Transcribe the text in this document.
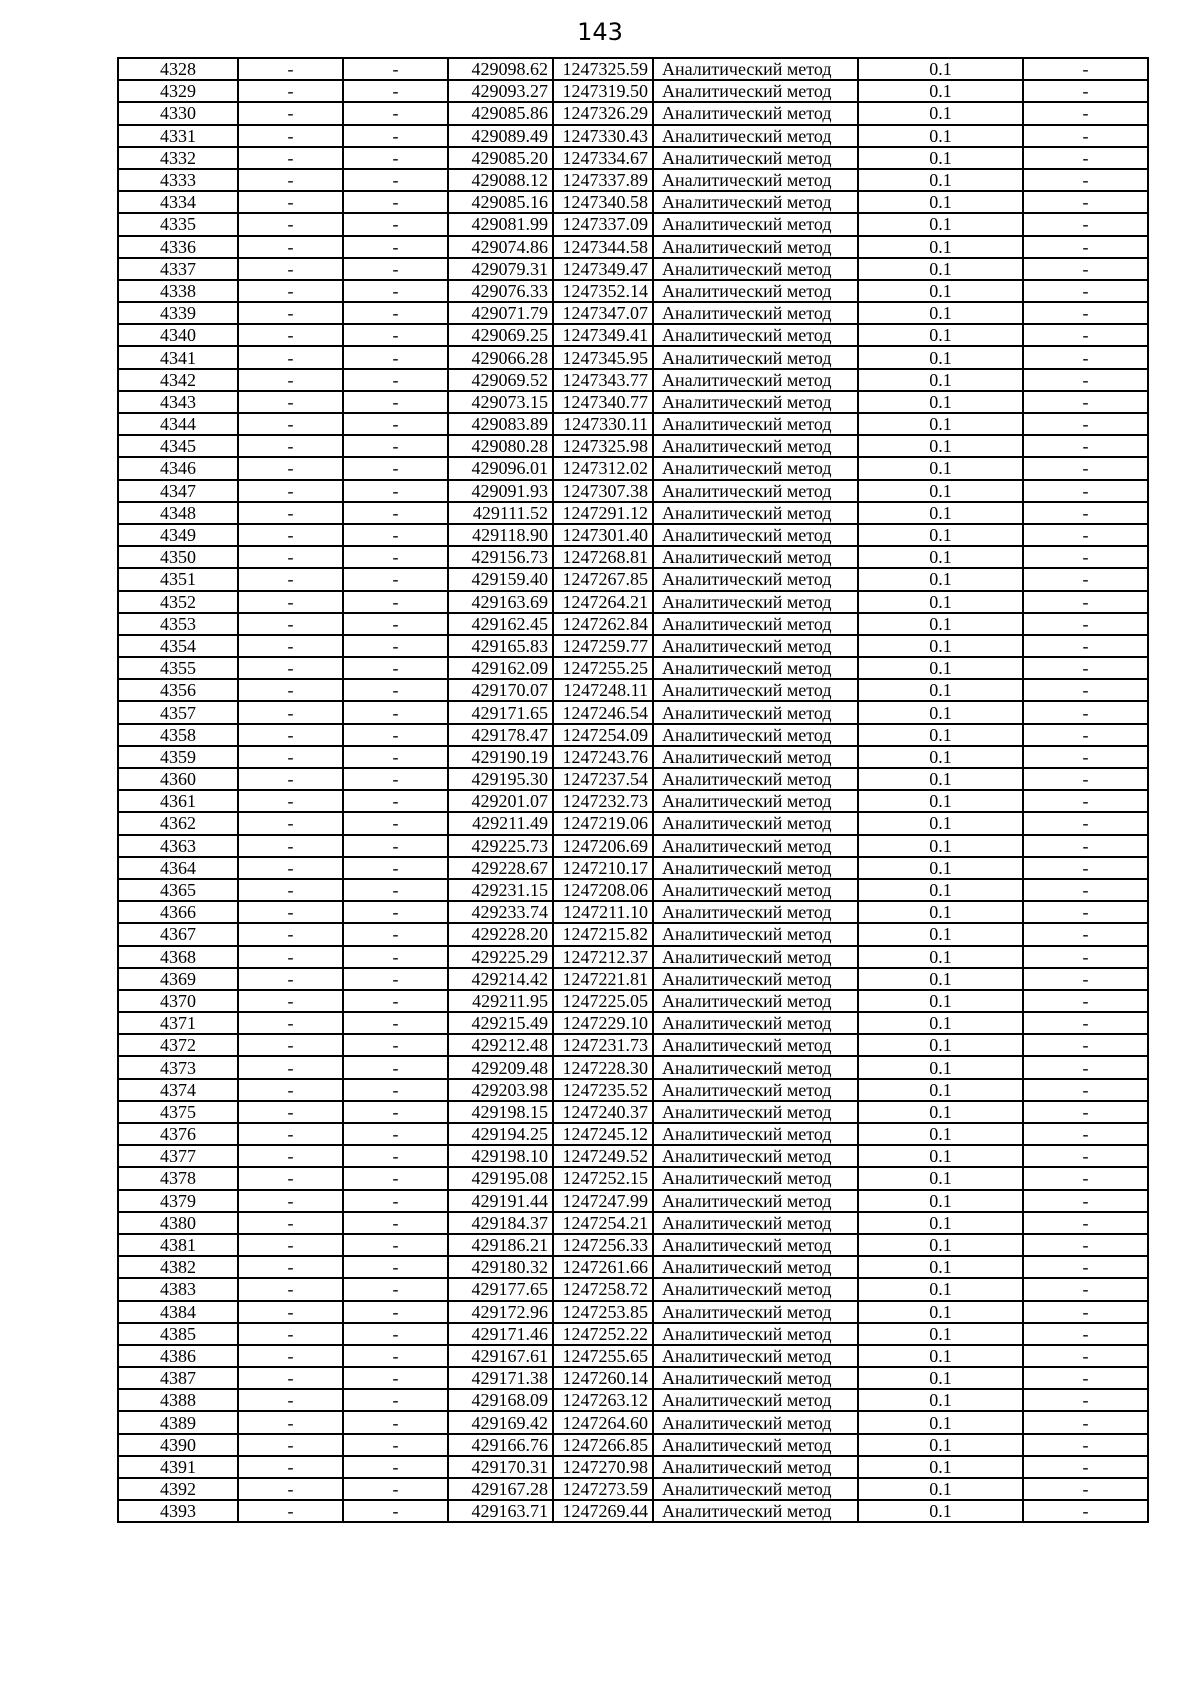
143
4328	-	-	429098.62	1247325.59	Аналитический метод	0.1	-
4329	-	-	429093.27	1247319.50	Аналитический метод	0.1	-
4330	-	-	429085.86	1247326.29	Аналитический метод	0.1	-
4331	-	-	429089.49	1247330.43	Аналитический метод	0.1	-
4332	-	-	429085.20	1247334.67	Аналитический метод	0.1	-
4333	-	-	429088.12	1247337.89	Аналитический метод	0.1	-
4334	-	-	429085.16	1247340.58	Аналитический метод	0.1	-
4335	-	-	429081.99	1247337.09	Аналитический метод	0.1	-
4336	-	-	429074.86	1247344.58	Аналитический метод	0.1	-
4337	-	-	429079.31	1247349.47	Аналитический метод	0.1	-
4338	-	-	429076.33	1247352.14	Аналитический метод	0.1	-
4339	-	-	429071.79	1247347.07	Аналитический метод	0.1	-
4340	-	-	429069.25	1247349.41	Аналитический метод	0.1	-
4341	-	-	429066.28	1247345.95	Аналитический метод	0.1	-
4342	-	-	429069.52	1247343.77	Аналитический метод	0.1	-
4343	-	-	429073.15	1247340.77	Аналитический метод	0.1	-
4344	-	-	429083.89	1247330.11	Аналитический метод	0.1	-
4345	-	-	429080.28	1247325.98	Аналитический метод	0.1	-
4346	-	-	429096.01	1247312.02	Аналитический метод	0.1	-
4347	-	-	429091.93	1247307.38	Аналитический метод	0.1	-
4348	-	-	429111.52	1247291.12	Аналитический метод	0.1	-
4349	-	-	429118.90	1247301.40	Аналитический метод	0.1	-
4350	-	-	429156.73	1247268.81	Аналитический метод	0.1	-
4351	-	-	429159.40	1247267.85	Аналитический метод	0.1	-
4352	-	-	429163.69	1247264.21	Аналитический метод	0.1	-
4353	-	-	429162.45	1247262.84	Аналитический метод	0.1	-
4354	-	-	429165.83	1247259.77	Аналитический метод	0.1	-
4355	-	-	429162.09	1247255.25	Аналитический метод	0.1	-
4356	-	-	429170.07	1247248.11	Аналитический метод	0.1	-
4357	-	-	429171.65	1247246.54	Аналитический метод	0.1	-
4358	-	-	429178.47	1247254.09	Аналитический метод	0.1	-
4359	-	-	429190.19	1247243.76	Аналитический метод	0.1	-
4360	-	-	429195.30	1247237.54	Аналитический метод	0.1	-
4361	-	-	429201.07	1247232.73	Аналитический метод	0.1	-
4362	-	-	429211.49	1247219.06	Аналитический метод	0.1	-
4363	-	-	429225.73	1247206.69	Аналитический метод	0.1	-
4364	-	-	429228.67	1247210.17	Аналитический метод	0.1	-
4365	-	-	429231.15	1247208.06	Аналитический метод	0.1	-
4366	-	-	429233.74	1247211.10	Аналитический метод	0.1	-
4367	-	-	429228.20	1247215.82	Аналитический метод	0.1	-
4368	-	-	429225.29	1247212.37	Аналитический метод	0.1	-
4369	-	-	429214.42	1247221.81	Аналитический метод	0.1	-
4370	-	-	429211.95	1247225.05	Аналитический метод	0.1	-
4371	-	-	429215.49	1247229.10	Аналитический метод	0.1	-
4372	-	-	429212.48	1247231.73	Аналитический метод	0.1	-
4373	-	-	429209.48	1247228.30	Аналитический метод	0.1	-
4374	-	-	429203.98	1247235.52	Аналитический метод	0.1	-
4375	-	-	429198.15	1247240.37	Аналитический метод	0.1	-
4376	-	-	429194.25	1247245.12	Аналитический метод	0.1	-
4377	-	-	429198.10	1247249.52	Аналитический метод	0.1	-
4378	-	-	429195.08	1247252.15	Аналитический метод	0.1	-
4379	-	-	429191.44	1247247.99	Аналитический метод	0.1	-
4380	-	-	429184.37	1247254.21	Аналитический метод	0.1	-
4381	-	-	429186.21	1247256.33	Аналитический метод	0.1	-
4382	-	-	429180.32	1247261.66	Аналитический метод	0.1	-
4383	-	-	429177.65	1247258.72	Аналитический метод	0.1	-
4384	-	-	429172.96	1247253.85	Аналитический метод	0.1	-
4385	-	-	429171.46	1247252.22	Аналитический метод	0.1	-
4386	-	-	429167.61	1247255.65	Аналитический метод	0.1	-
4387	-	-	429171.38	1247260.14	Аналитический метод	0.1	-
4388	-	-	429168.09	1247263.12	Аналитический метод	0.1	-
4389	-	-	429169.42	1247264.60	Аналитический метод	0.1	-
4390	-	-	429166.76	1247266.85	Аналитический метод	0.1	-
4391	-	-	429170.31	1247270.98	Аналитический метод	0.1	-
4392	-	-	429167.28	1247273.59	Аналитический метод	0.1	-
4393	-	-	429163.71	1247269.44	Аналитический метод	0.1	-
